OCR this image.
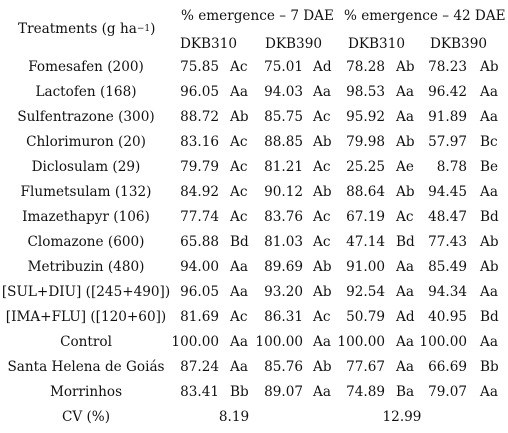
Treatments (g $ha^{-1}$)
% emergence – 7 DAE % emergence – 42 DAE
DKB310 DKB390 DKB310 DKB390
Fomesafen (200)	75.85 Ac	75.01 Ad	78.28 Ab 78.23 Ab
Lactofen (168)	96.05 Aa	94.03 Aa	98.53 Aa	96.42 Aa
Sulfentrazone (300)	88.72 Ab	85.75 Ac	95.92 Aa	91.89 Aa
Chlorimuron (20)	83.16 Ac	88.85 Ab	79.98 Ab 57.97 Bc
Diclosulam (29)	79.79 Ac	81.21 Ac	25.25 Ae	8.78 Be
Flumetsulam (132)	84.92 Ac	90.12 Ab	88.64 Ab 94.45 Aa
Imazethapyr (106)	77.74 Ac	83.76 Ac	67.19 Ac	48.47 Bd
Clomazone (600)	65.88 Bd	81.03 Ac	47.14 Bd 77.43 Ab
Metribuzin (480)	94.00 Aa	89.69 Ab	91.00 Aa	85.49 Ab
[SUL+DIU] ([245+490]) 96.05 Aa	93.20 Ab	92.54 Aa	94.34 Aa
[IMA+FLU] ([120+60])	81.69 Ac	86.31 Ac	50.79 Ad 40.95 Bd
Control	100.00 Aa 100.00 Aa 100.00 Aa 100.00 Aa
Santa Helena de Goiás	87.24 Aa	85.76 Ab	77.67 Aa	66.69 Bb
Morrinhos	83.41 Bb	89.07 Aa	74.89 Ba	79.07 Aa
CV (%)	8.19	12.99
